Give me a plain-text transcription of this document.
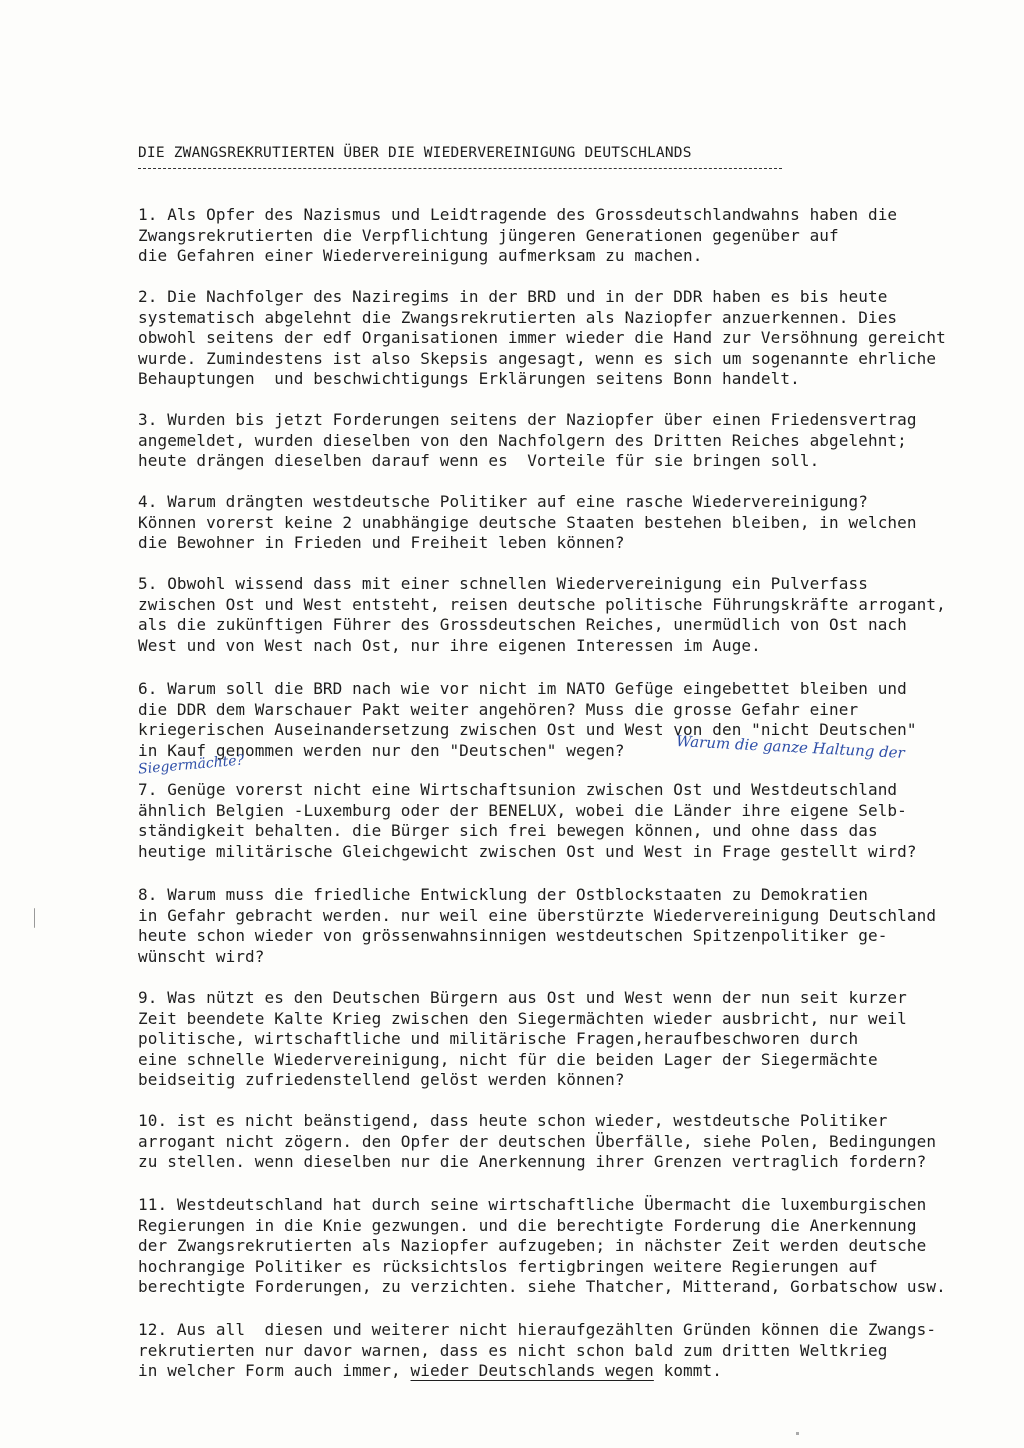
DIE ZWANGSREKRUTIERTEN ÜBER DIE WIEDERVEREINIGUNG DEUTSCHLANDS
1. Als Opfer des Nazismus und Leidtragende des Grossdeutschlandwahns haben die
Zwangsrekrutierten die Verpflichtung jüngeren Generationen gegenüber auf
die Gefahren einer Wiedervereinigung aufmerksam zu machen.
2. Die Nachfolger des Naziregims in der BRD und in der DDR haben es bis heute
systematisch abgelehnt die Zwangsrekrutierten als Naziopfer anzuerkennen. Dies
obwohl seitens der edf Organisationen immer wieder die Hand zur Versöhnung gereicht
wurde. Zumindestens ist also Skepsis angesagt, wenn es sich um sogenannte ehrliche
Behauptungen  und beschwichtigungs Erklärungen seitens Bonn handelt.
3. Wurden bis jetzt Forderungen seitens der Naziopfer über einen Friedensvertrag
angemeldet, wurden dieselben von den Nachfolgern des Dritten Reiches abgelehnt;
heute drängen dieselben darauf wenn es  Vorteile für sie bringen soll.
4. Warum drängten westdeutsche Politiker auf eine rasche Wiedervereinigung?
Können vorerst keine 2 unabhängige deutsche Staaten bestehen bleiben, in welchen
die Bewohner in Frieden und Freiheit leben können?
5. Obwohl wissend dass mit einer schnellen Wiedervereinigung ein Pulverfass
zwischen Ost und West entsteht, reisen deutsche politische Führungskräfte arrogant,
als die zukünftigen Führer des Grossdeutschen Reiches, unermüdlich von Ost nach
West und von West nach Ost, nur ihre eigenen Interessen im Auge.
6. Warum soll die BRD nach wie vor nicht im NATO Gefüge eingebettet bleiben und
die DDR dem Warschauer Pakt weiter angehören? Muss die grosse Gefahr einer
kriegerischen Auseinandersetzung zwischen Ost und West von den "nicht Deutschen"
in Kauf genommen werden nur den "Deutschen" wegen?
7. Genüge vorerst nicht eine Wirtschaftsunion zwischen Ost und Westdeutschland
ähnlich Belgien -Luxemburg oder der BENELUX, wobei die Länder ihre eigene Selb-
ständigkeit behalten. die Bürger sich frei bewegen können, und ohne dass das
heutige militärische Gleichgewicht zwischen Ost und West in Frage gestellt wird?
8. Warum muss die friedliche Entwicklung der Ostblockstaaten zu Demokratien
in Gefahr gebracht werden. nur weil eine überstürzte Wiedervereinigung Deutschland
heute schon wieder von grössenwahnsinnigen westdeutschen Spitzenpolitiker ge-
wünscht wird?
9. Was nützt es den Deutschen Bürgern aus Ost und West wenn der nun seit kurzer
Zeit beendete Kalte Krieg zwischen den Siegermächten wieder ausbricht, nur weil
politische, wirtschaftliche und militärische Fragen,heraufbeschworen durch
eine schnelle Wiedervereinigung, nicht für die beiden Lager der Siegermächte
beidseitig zufriedenstellend gelöst werden können?
10. ist es nicht beänstigend, dass heute schon wieder, westdeutsche Politiker
arrogant nicht zögern. den Opfer der deutschen Überfälle, siehe Polen, Bedingungen
zu stellen. wenn dieselben nur die Anerkennung ihrer Grenzen vertraglich fordern?
11. Westdeutschland hat durch seine wirtschaftliche Übermacht die luxemburgischen
Regierungen in die Knie gezwungen. und die berechtigte Forderung die Anerkennung
der Zwangsrekrutierten als Naziopfer aufzugeben; in nächster Zeit werden deutsche
hochrangige Politiker es rücksichtslos fertigbringen weitere Regierungen auf
berechtigte Forderungen, zu verzichten. siehe Thatcher, Mitterand, Gorbatschow usw.
12. Aus all  diesen und weiterer nicht hieraufgezählten Gründen können die Zwangs-
rekrutierten nur davor warnen, dass es nicht schon bald zum dritten Weltkrieg
in welcher Form auch immer, wieder Deutschlands wegen kommt.
Warum die ganze Haltung der
Siegermächte?
